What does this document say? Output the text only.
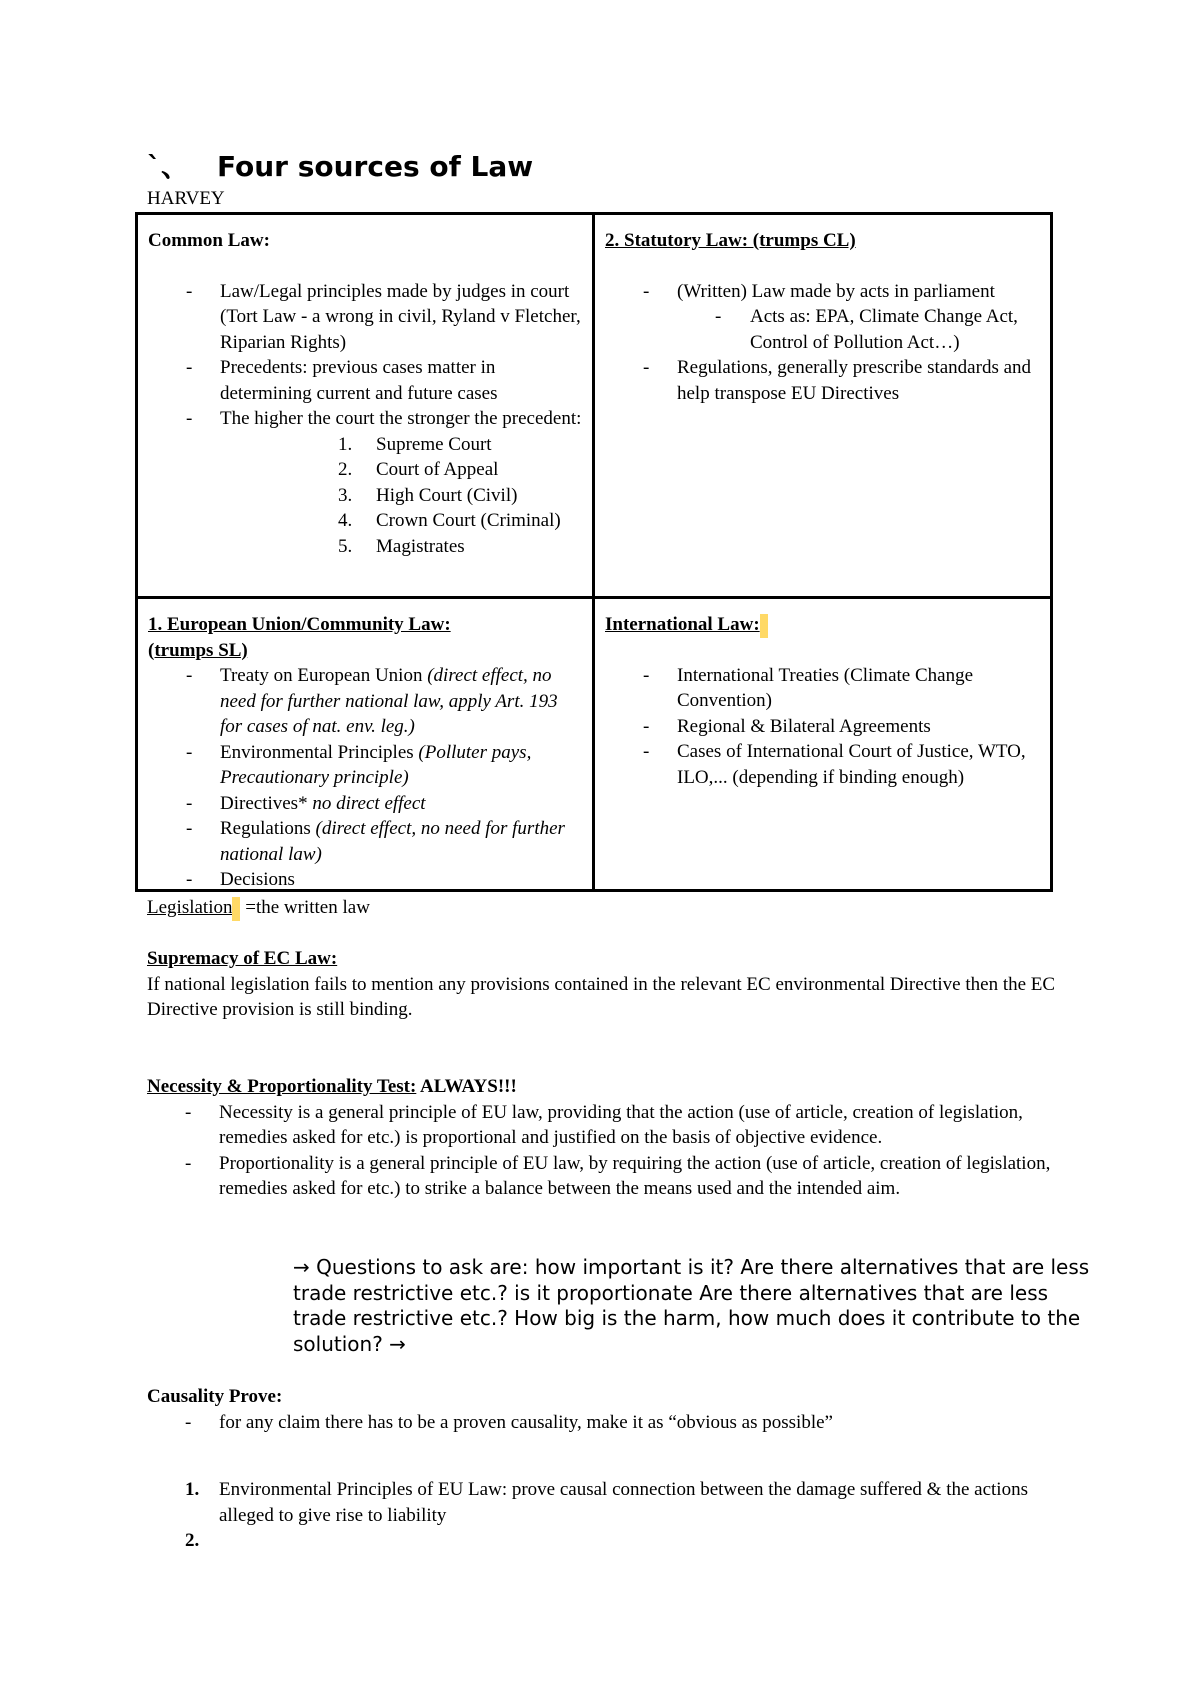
`、 Four sources of Law
HARVEY
Common Law:
- Law/Legal principles made by judges in court (Tort Law - a wrong in civil, Ryland v Fletcher, Riparian Rights)
- Precedents: previous cases matter in determining current and future cases
- The higher the court the stronger the precedent:
1. Supreme Court
2. Court of Appeal
3. High Court (Civil)
4. Crown Court (Criminal)
5. Magistrates
2. Statutory Law: (trumps CL)
- (Written) Law made by acts in parliament
- Acts as: EPA, Climate Change Act, Control of Pollution Act…)
- Regulations, generally prescribe standards and help transpose EU Directives
1. European Union/Community Law:
(trumps SL)
- Treaty on European Union (direct effect, no need for further national law, apply Art. 193 for cases of nat. env. leg.)
- Environmental Principles (Polluter pays, Precautionary principle)
- Directives* no direct effect
- Regulations (direct effect, no need for further national law)
- Decisions
International Law:
- International Treaties (Climate Change Convention)
- Regional & Bilateral Agreements
- Cases of International Court of Justice, WTO, ILO,... (depending if binding enough)
Legislation =the written law
Supremacy of EC Law:
If national legislation fails to mention any provisions contained in the relevant EC environmental Directive then the EC Directive provision is still binding.
Necessity & Proportionality Test: ALWAYS!!!
- Necessity is a general principle of EU law, providing that the action (use of article, creation of legislation, remedies asked for etc.) is proportional and justified on the basis of objective evidence.
- Proportionality is a general principle of EU law, by requiring the action (use of article, creation of legislation, remedies asked for etc.) to strike a balance between the means used and the intended aim.
→ Questions to ask are: how important is it? Are there alternatives that are less trade restrictive etc.? is it proportionate Are there alternatives that are less trade restrictive etc.? How big is the harm, how much does it contribute to the solution? →
Causality Prove:
- for any claim there has to be a proven causality, make it as “obvious as possible”
1. Environmental Principles of EU Law: prove causal connection between the damage suffered & the actions alleged to give rise to liability
2.
